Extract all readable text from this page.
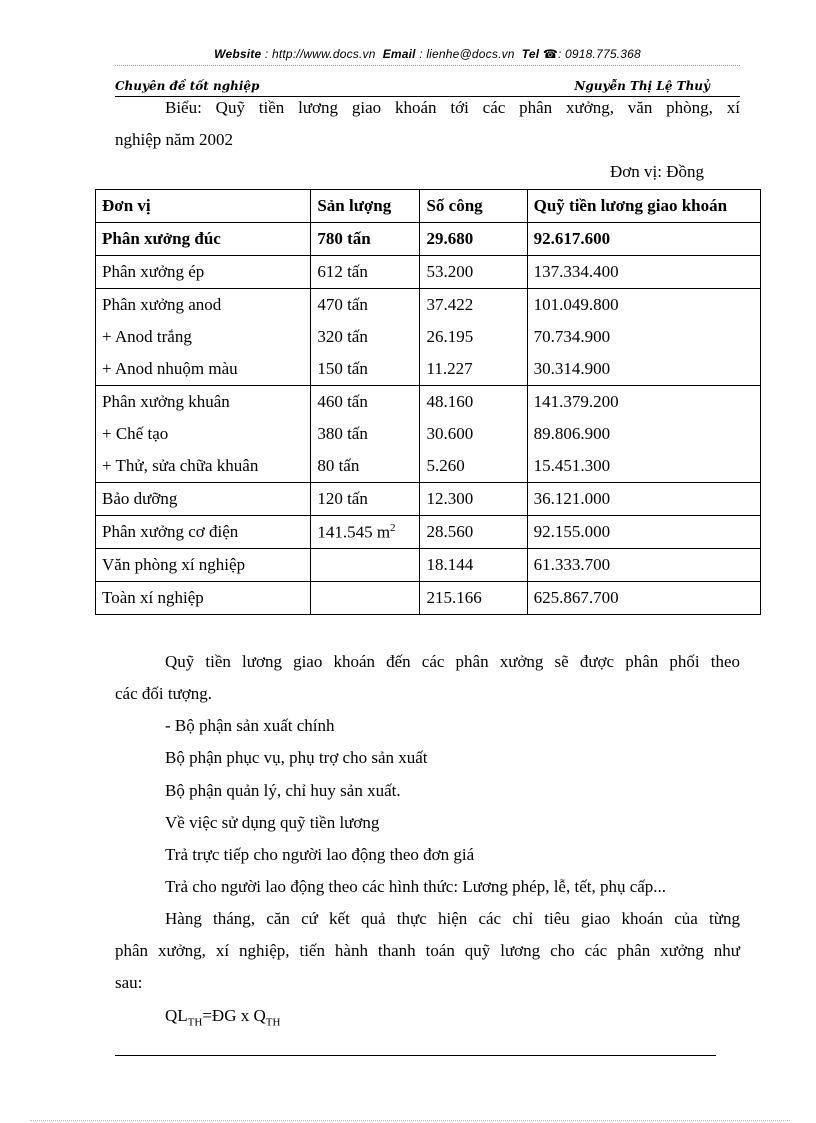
Website : http://www.docs.vn Email : lienhe@docs.vn Tel ☎: 0918.775.368
Chuyên đề tốt nghiệp	Nguyễn Thị Lệ Thuỷ
Biểu: Quỹ tiền lương giao khoán tới các phân xưởng, văn phòng, xí
nghiệp năm 2002
Đơn vị: Đồng
Đơn vị	Sản lượng	Số công	Quỹ tiền lương giao khoán
Phân xưởng đúc	780 tấn	29.680	92.617.600
Phân xưởng ép	612 tấn	53.200	137.334.400
Phân xưởng anod	470 tấn	37.422	101.049.800
+ Anod trắng	320 tấn	26.195	70.734.900
+ Anod nhuộm màu	150 tấn	11.227	30.314.900
Phân xưởng khuân	460 tấn	48.160	141.379.200
+ Chế tạo	380 tấn	30.600	89.806.900
+ Thử, sửa chữa khuân	80 tấn	5.260	15.451.300
Bảo dưỡng	120 tấn	12.300	36.121.000
Phân xưởng cơ điện	141.545 $m^2$	28.560	92.155.000
Văn phòng xí nghiệp		18.144	61.333.700
Toàn xí nghiệp		215.166	625.867.700
Quỹ tiền lương giao khoán đến các phân xưởng sẽ được phân phối theo
các đối tượng.
- Bộ phận sản xuất chính
Bộ phận phục vụ, phụ trợ cho sản xuất
Bộ phận quản lý, chỉ huy sản xuất.
Về việc sử dụng quỹ tiền lương
Trả trực tiếp cho người lao động theo đơn giá
Trả cho người lao động theo các hình thức: Lương phép, lễ, tết, phụ cấp...
Hàng tháng, căn cứ kết quả thực hiện các chỉ tiêu giao khoán của từng
phân xưởng, xí nghiệp, tiến hành thanh toán quỹ lương cho các phân xưởng như
sau:
$QL_{TH}=ĐG$ x $Q_{TH}$
